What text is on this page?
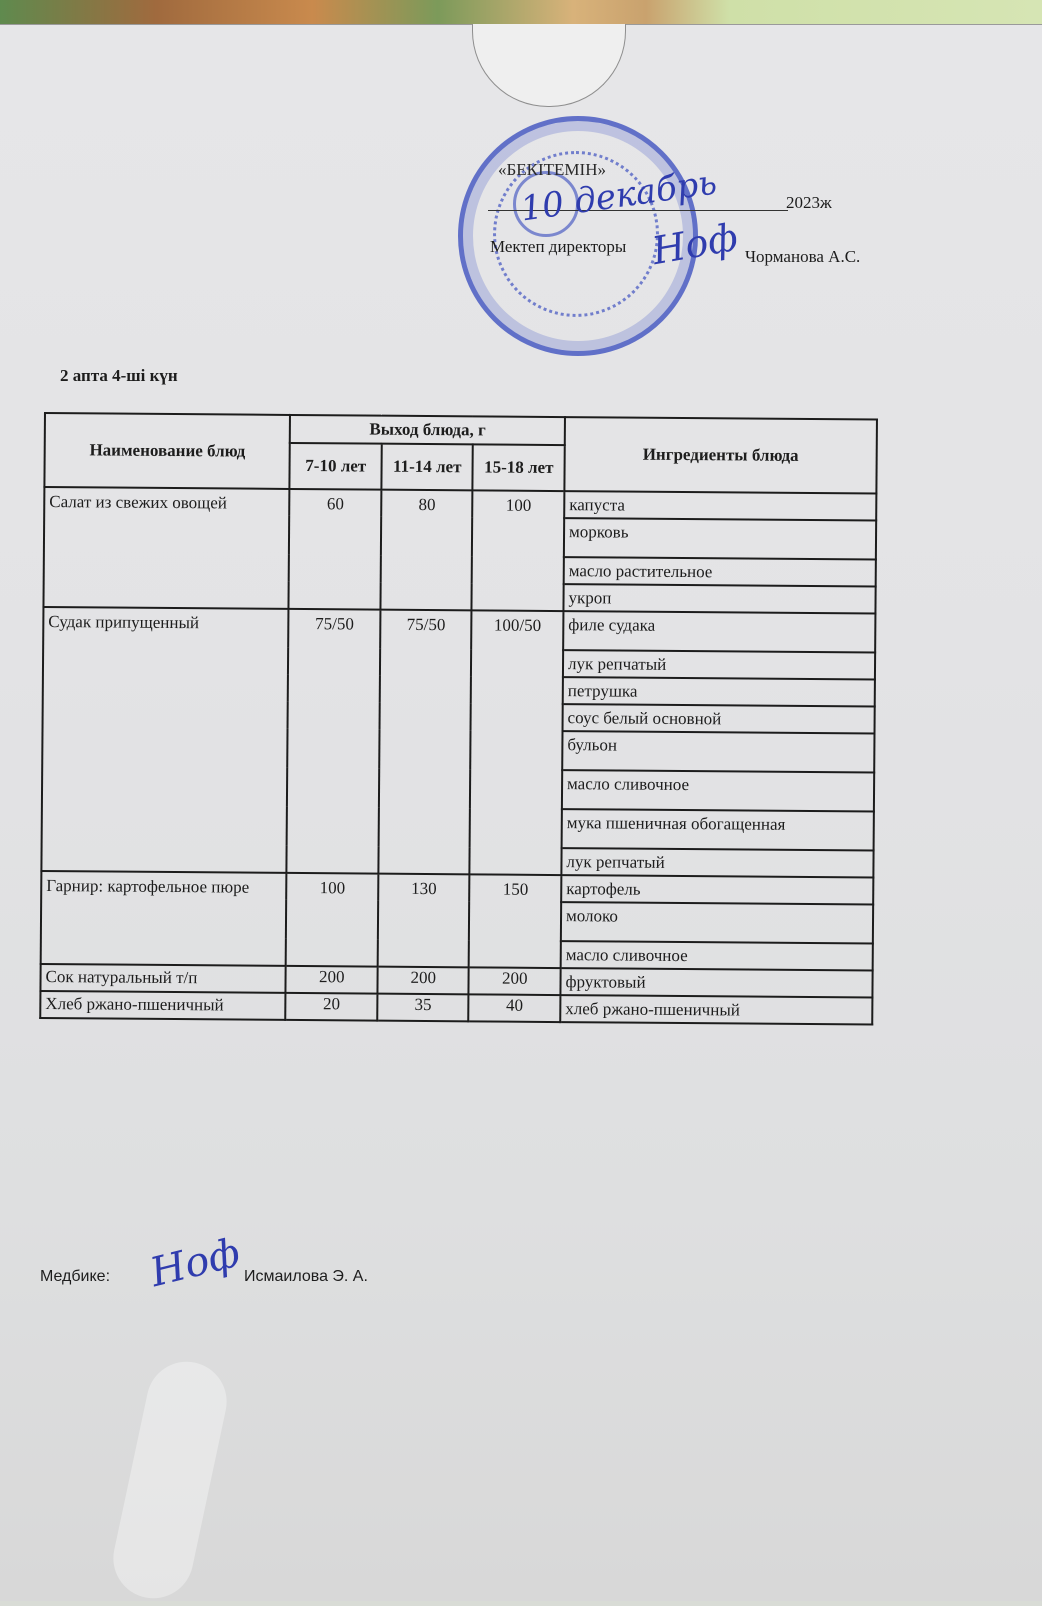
«БЕКІТЕМІН»
10 декабрь	2023ж
Мектеп директоры Ноф Чорманова А.С.
2 апта 4-ші күн
Наименование блюд	Выход блюда, г			Ингредиенты блюда
	7-10 лет	11-14 лет	15-18 лет	
Салат из свежих овощей	60	80	100	капуста
				морковь
				масло растительное
				укроп
Судак припущенный	75/50	75/50	100/50	филе судака
				лук репчатый
				петрушка
				соус белый основной
				бульон
				масло сливочное
				мука пшеничная обогащенная
				лук репчатый
Гарнир: картофельное пюре	100	130	150	картофель
				молоко
				масло сливочное
Сок натуральный т/п	200	200	200	фруктовый
Хлеб ржано-пшеничный	20	35	40	хлеб ржано-пшеничный
Медбике: Ноф Исмаилова Э. А.
